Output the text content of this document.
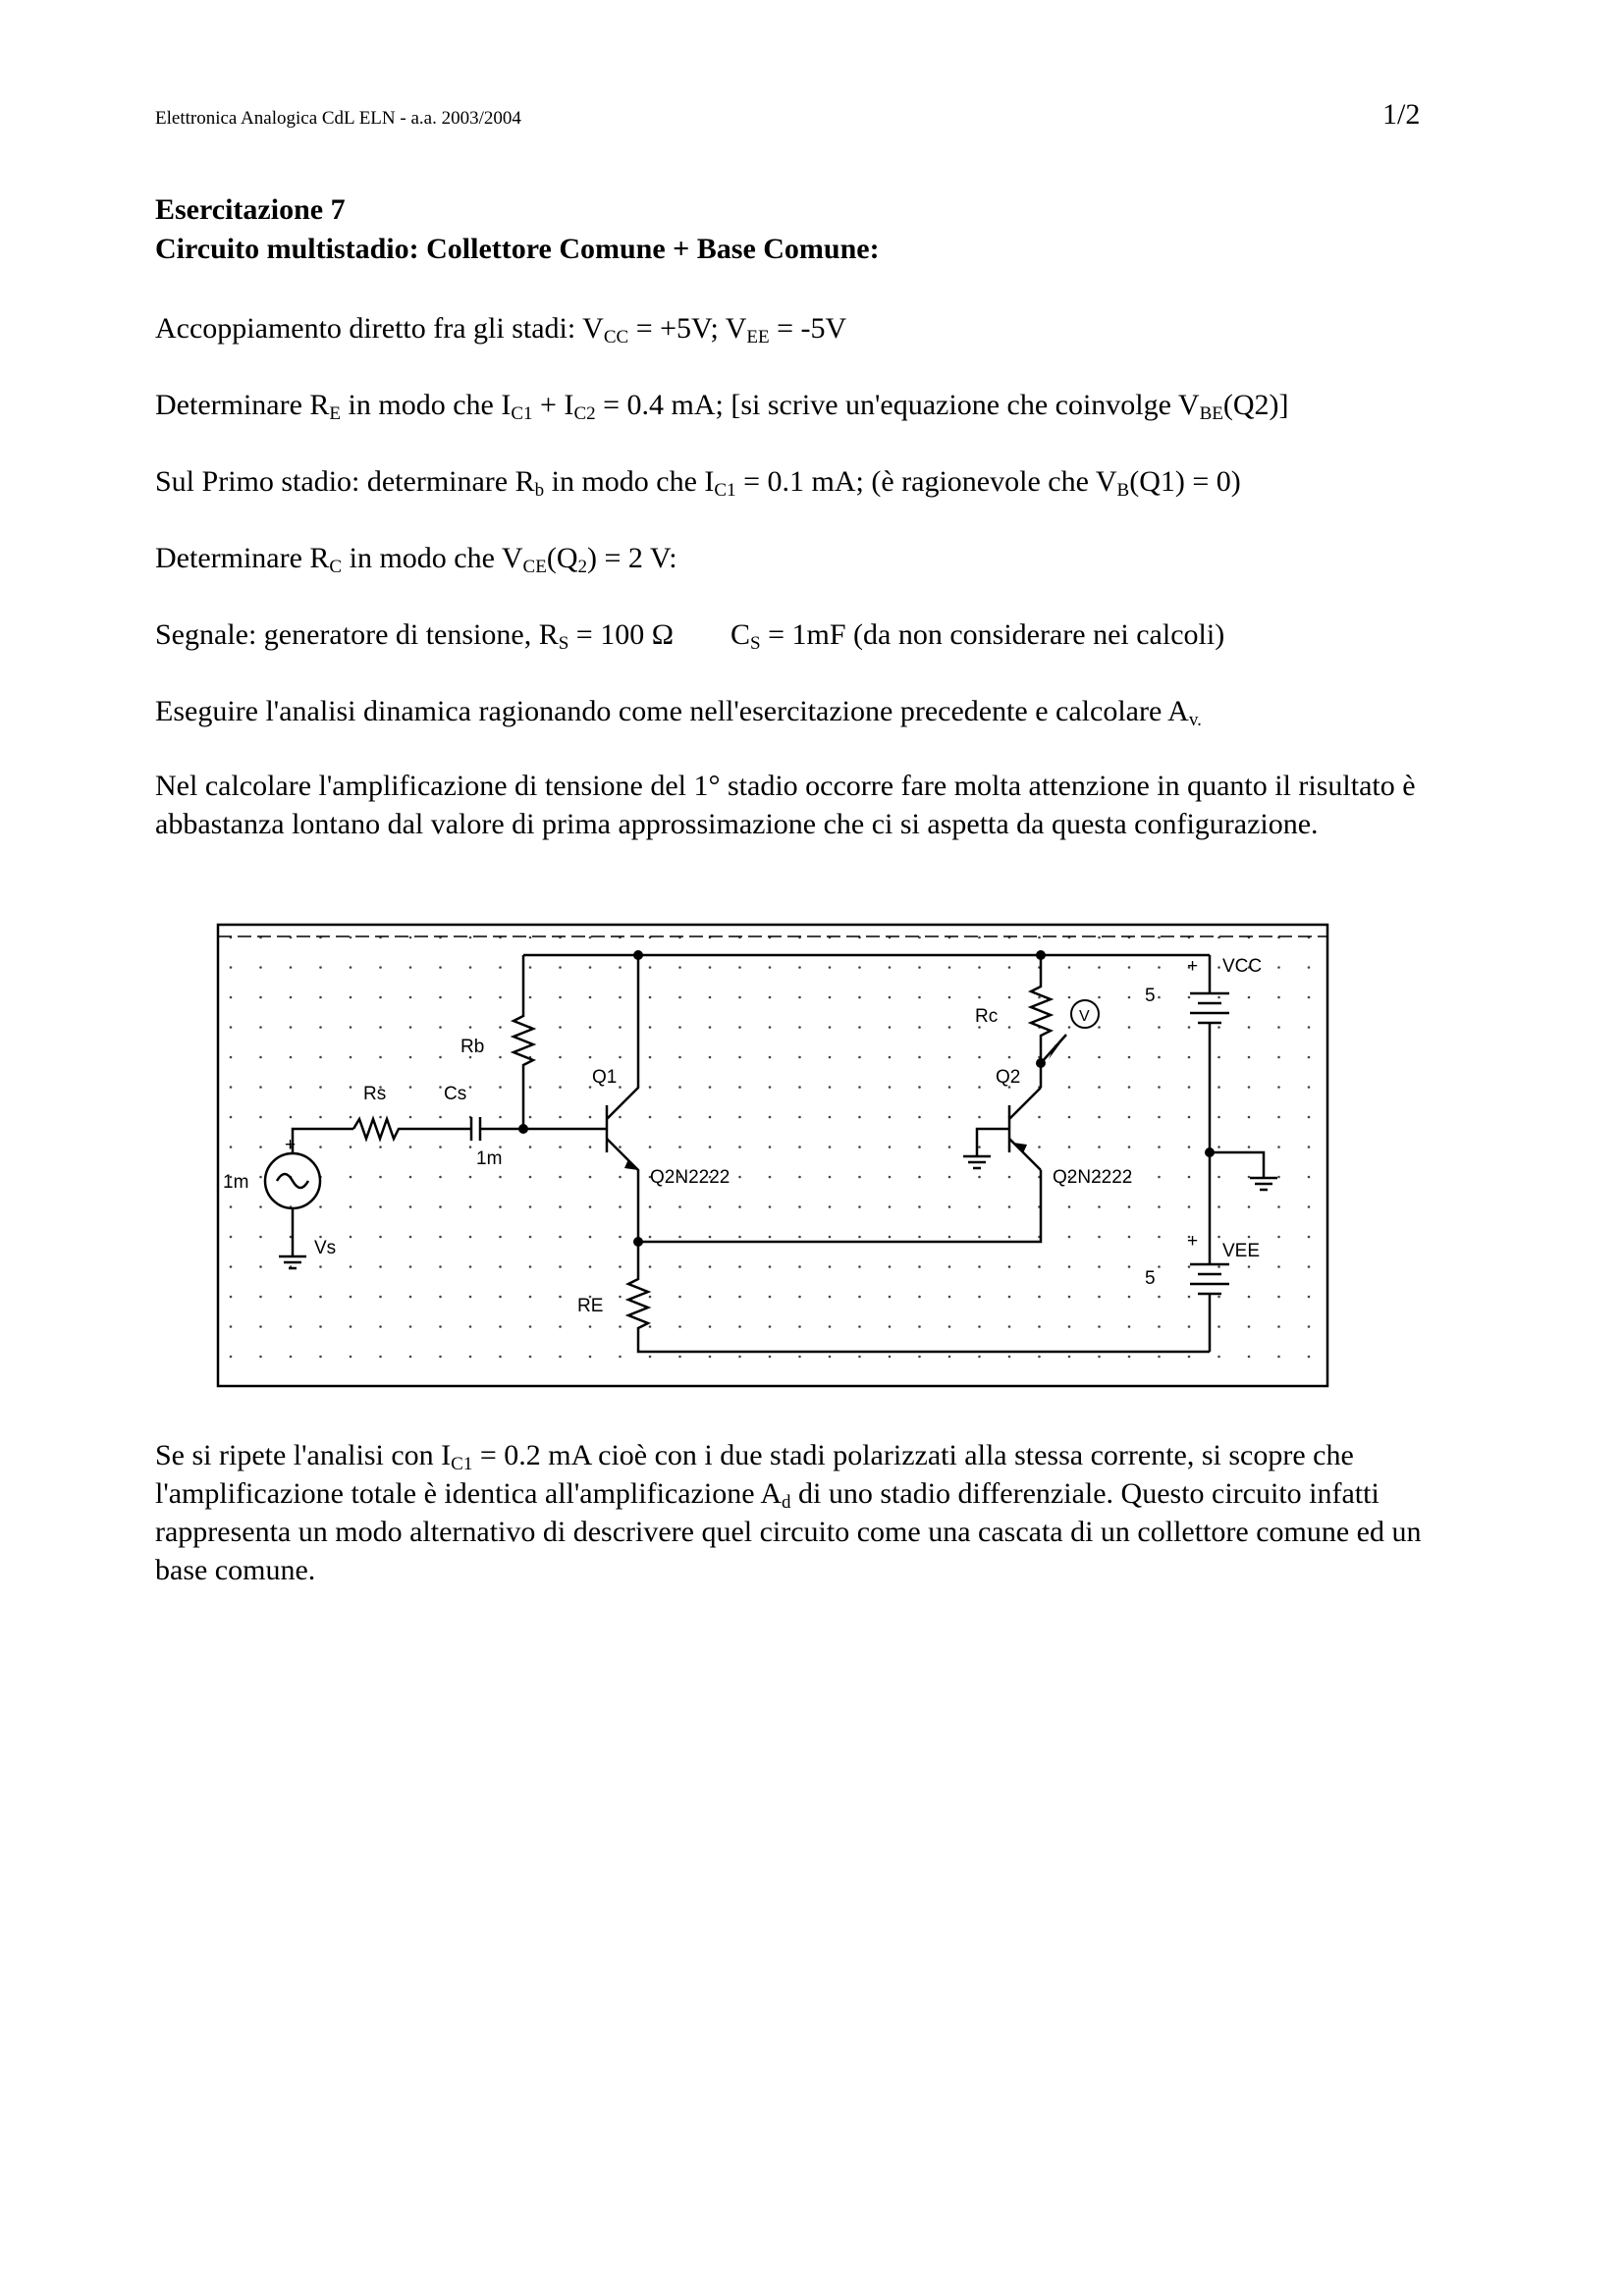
Elettronica Analogica CdL ELN - a.a. 2003/2004	1/2
Esercitazione 7
Circuito multistadio: Collettore Comune + Base Comune:
Accoppiamento diretto fra gli stadi: $V_{CC} = +5V$; $V_{EE} = -5V$
Determinare $R_E$ in modo che $I_{C1} + I_{C2} = 0.4$ mA; [si scrive un'equazione che coinvolge $V_{BE}(Q2)$]
Sul Primo stadio: determinare $R_b$ in modo che $I_{C1} = 0.1$ mA; (è ragionevole che $V_B(Q1) = 0$)
Determinare $R_C$ in modo che $V_{CE}(Q_2) = 2$ V:
Segnale: generatore di tensione, $R_S = 100$ Ω $C_S = 1mF$ (da non considerare nei calcoli)
Eseguire l'analisi dinamica ragionando come nell'esercitazione precedente e calcolare $A_{v.}$
Nel calcolare l'amplificazione di tensione del 1° stadio occorre fare molta attenzione in quanto il risultato è abbastanza lontano dal valore di prima approssimazione che ci si aspetta da questa configurazione.
Rb
+
1m
Vs
Rs	Cs
1m
Q1
Q2N2222
RE
Rc	V
Q2
Q2N2222
+
5
VCC
+
5
VEE
Se si ripete l'analisi con $I_{C1} = 0.2$ mA cioè con i due stadi polarizzati alla stessa corrente, si scopre che l'amplificazione totale è identica all'amplificazione $A_d$ di uno stadio differenziale. Questo circuito infatti rappresenta un modo alternativo di descrivere quel circuito come una cascata di un collettore comune ed un base comune.
